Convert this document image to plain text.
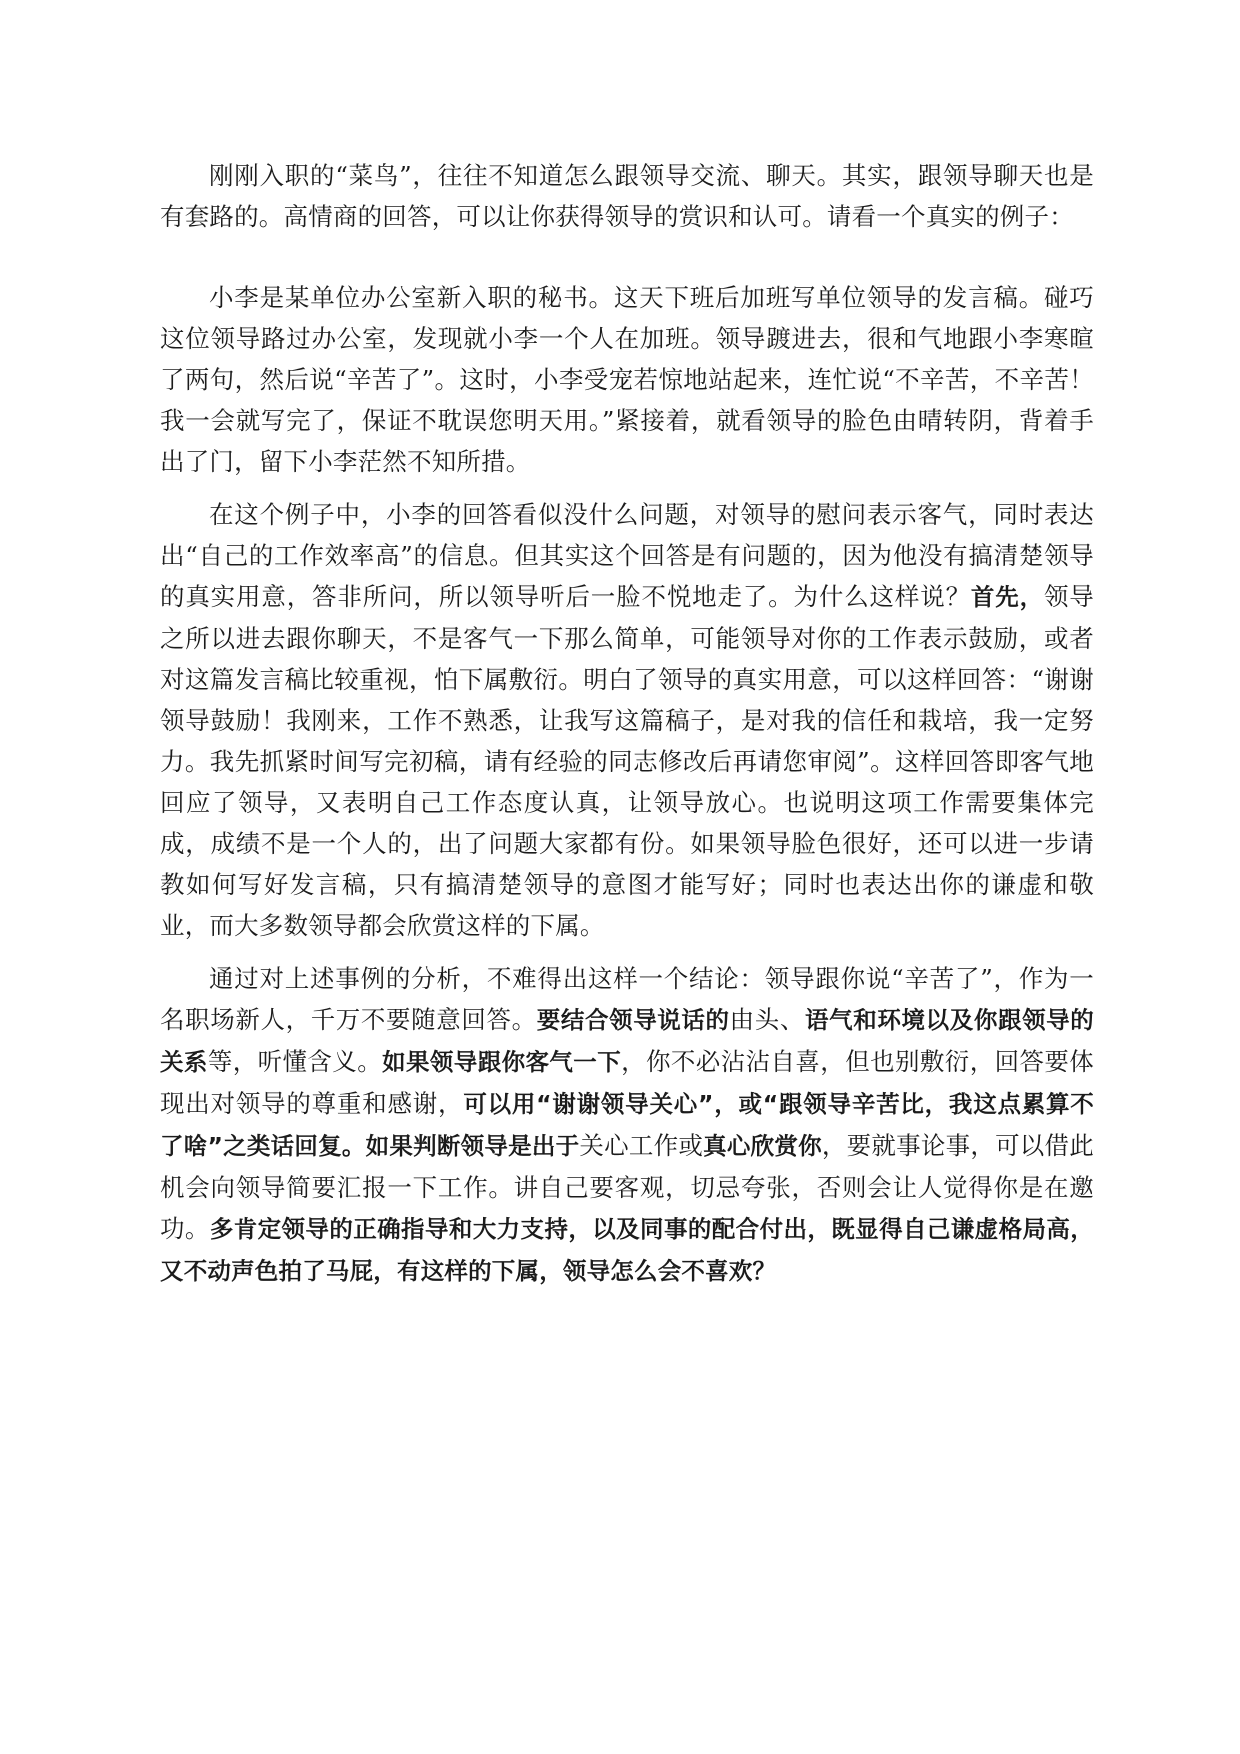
刚刚入职的“菜鸟”，往往不知道怎么跟领导交流、聊天。其实，跟领导聊天也是有套路的。高情商的回答，可以让你获得领导的赏识和认可。请看一个真实的例子：

小李是某单位办公室新入职的秘书。这天下班后加班写单位领导的发言稿。碰巧这位领导路过办公室，发现就小李一个人在加班。领导踱进去，很和气地跟小李寒暄了两句，然后说“辛苦了”。这时，小李受宠若惊地站起来，连忙说“不辛苦，不辛苦！我一会就写完了，保证不耽误您明天用。”紧接着，就看领导的脸色由晴转阴，背着手出了门，留下小李茫然不知所措。

在这个例子中，小李的回答看似没什么问题，对领导的慰问表示客气，同时表达出“自己的工作效率高”的信息。但其实这个回答是有问题的，因为他没有搞清楚领导的真实用意，答非所问，所以领导听后一脸不悦地走了。为什么这样说？首先，领导之所以进去跟你聊天，不是客气一下那么简单，可能领导对你的工作表示鼓励，或者对这篇发言稿比较重视，怕下属敷衍。明白了领导的真实用意，可以这样回答：“谢谢领导鼓励！我刚来，工作不熟悉，让我写这篇稿子，是对我的信任和栽培，我一定努力。我先抓紧时间写完初稿，请有经验的同志修改后再请您审阅”。这样回答即客气地回应了领导，又表明自己工作态度认真，让领导放心。也说明这项工作需要集体完成，成绩不是一个人的，出了问题大家都有份。如果领导脸色很好，还可以进一步请教如何写好发言稿，只有搞清楚领导的意图才能写好；同时也表达出你的谦虚和敬业，而大多数领导都会欣赏这样的下属。

通过对上述事例的分析，不难得出这样一个结论：领导跟你说“辛苦了”，作为一名职场新人，千万不要随意回答。要结合领导说话的由头、语气和环境以及你跟领导的关系等，听懂含义。如果领导跟你客气一下，你不必沾沾自喜，但也别敷衍，回答要体现出对领导的尊重和感谢，可以用“谢谢领导关心”，或“跟领导辛苦比，我这点累算不了啥”之类话回复。如果判断领导是出于关心工作或真心欣赏你，要就事论事，可以借此机会向领导简要汇报一下工作。讲自己要客观，切忌夸张，否则会让人觉得你是在邀功。多肯定领导的正确指导和大力支持，以及同事的配合付出，既显得自己谦虚格局高，又不动声色拍了马屁，有这样的下属，领导怎么会不喜欢？
